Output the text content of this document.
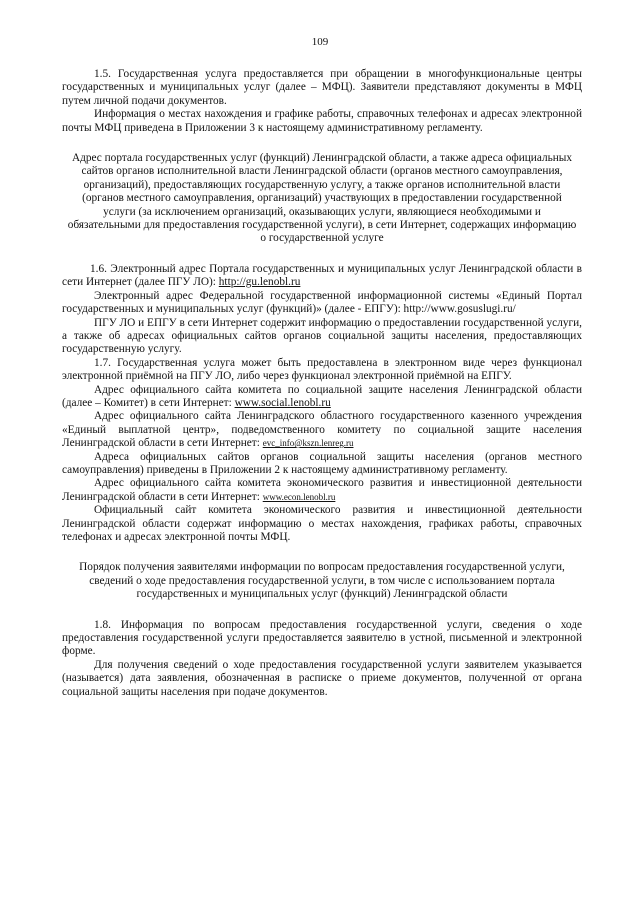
109

1.5. Государственная услуга предоставляется при обращении в многофункциональные центры государственных и муниципальных услуг (далее – МФЦ). Заявители представляют документы в МФЦ путем личной подачи документов.

Информация о местах нахождения и графике работы, справочных телефонах и адресах электронной почты МФЦ приведена в Приложении 3 к настоящему административному регламенту.

Адрес портала государственных услуг (функций) Ленинградской области, а также адреса официальных сайтов органов исполнительной власти Ленинградской области (органов местного самоуправления, организаций), предоставляющих государственную услугу, а также органов исполнительной власти (органов местного самоуправления, организаций) участвующих в предоставлении государственной услуги (за исключением организаций, оказывающих услуги, являющиеся необходимыми и обязательными для предоставления государственной услуги), в сети Интернет, содержащих информацию о государственной услуге

1.6. Электронный адрес Портала государственных и муниципальных услуг Ленинградской области в сети Интернет (далее ПГУ ЛО): http://gu.lenobl.ru

Электронный адрес Федеральной государственной информационной системы «Единый Портал государственных и муниципальных услуг (функций)» (далее - ЕПГУ): http://www.gosuslugi.ru/

ПГУ ЛО и ЕПГУ в сети Интернет содержит информацию о предоставлении государственной услуги, а также об адресах официальных сайтов органов социальной защиты населения, предоставляющих государственную услугу.

1.7. Государственная услуга может быть предоставлена в электронном виде через функционал электронной приёмной на ПГУ ЛО, либо через функционал электронной приёмной на ЕПГУ.

Адрес официального сайта комитета по социальной защите населения Ленинградской области (далее – Комитет) в сети Интернет: www.social.lenobl.ru

Адрес официального сайта Ленинградского областного государственного казенного учреждения «Единый выплатной центр», подведомственного комитету по социальной защите населения Ленинградской области в сети Интернет: evc_info@kszn.lenreg.ru

Адреса официальных сайтов органов социальной защиты населения (органов местного самоуправления) приведены в Приложении 2 к настоящему административному регламенту.

Адрес официального сайта комитета экономического развития и инвестиционной деятельности Ленинградской области в сети Интернет: www.econ.lenobl.ru

Официальный сайт комитета экономического развития и инвестиционной деятельности Ленинградской области содержат информацию о местах нахождения, графиках работы, справочных телефонах и адресах электронной почты МФЦ.

Порядок получения заявителями информации по вопросам предоставления государственной услуги, сведений о ходе предоставления государственной услуги, в том числе с использованием портала государственных и муниципальных услуг (функций) Ленинградской области

1.8. Информация по вопросам предоставления государственной услуги, сведения о ходе предоставления государственной услуги предоставляется заявителю в устной, письменной и электронной форме.

Для получения сведений о ходе предоставления государственной услуги заявителем указывается (называется) дата заявления, обозначенная в расписке о приеме документов, полученной от органа социальной защиты населения при подаче документов.
